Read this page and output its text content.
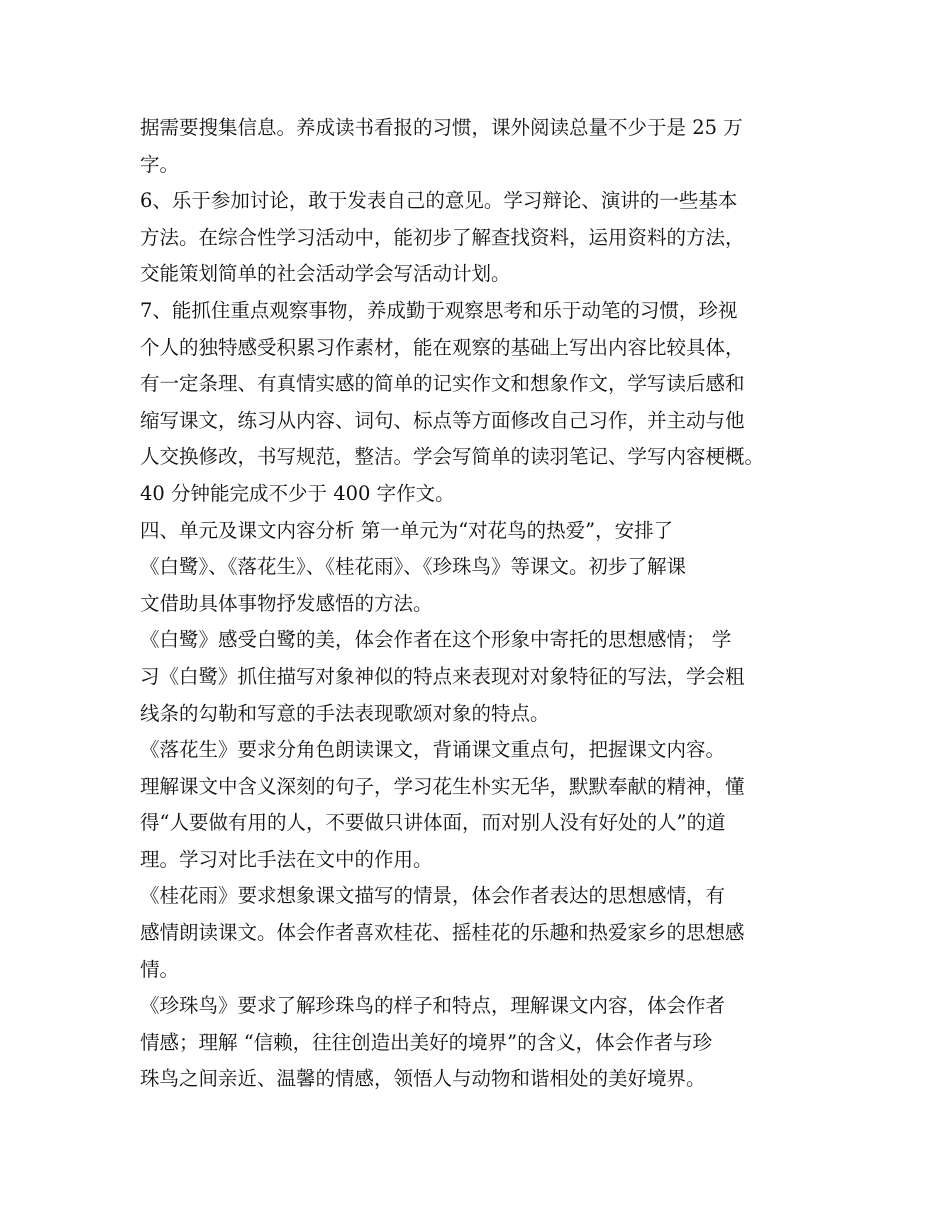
据需要搜集信息。养成读书看报的习惯，课外阅读总量不少于是 25 万
字。
6、乐于参加讨论，敢于发表自己的意见。学习辩论、演讲的一些基本
方法。在综合性学习活动中，能初步了解查找资料，运用资料的方法，
交能策划简单的社会活动学会写活动计划。
7、能抓住重点观察事物，养成勤于观察思考和乐于动笔的习惯，珍视
个人的独特感受积累习作素材，能在观察的基础上写出内容比较具体，
有一定条理、有真情实感的简单的记实作文和想象作文，学写读后感和
缩写课文，练习从内容、词句、标点等方面修改自己习作，并主动与他
人交换修改，书写规范，整洁。学会写简单的读羽笔记、学写内容梗概。
40 分钟能完成不少于 400 字作文。
四、单元及课文内容分析 第一单元为“对花鸟的热爱”，安排了
《白鹭》、《落花生》、《桂花雨》、《珍珠鸟》等课文。初步了解课
文借助具体事物抒发感悟的方法。
《白鹭》感受白鹭的美，体会作者在这个形象中寄托的思想感情； 学
习《白鹭》抓住描写对象神似的特点来表现对对象特征的写法，学会粗
线条的勾勒和写意的手法表现歌颂对象的特点。
《落花生》要求分角色朗读课文，背诵课文重点句，把握课文内容。
理解课文中含义深刻的句子，学习花生朴实无华，默默奉献的精神，懂
得“人要做有用的人，不要做只讲体面，而对别人没有好处的人”的道
理。学习对比手法在文中的作用。
《桂花雨》要求想象课文描写的情景，体会作者表达的思想感情，有
感情朗读课文。体会作者喜欢桂花、摇桂花的乐趣和热爱家乡的思想感
情。
《珍珠鸟》要求了解珍珠鸟的样子和特点，理解课文内容，体会作者
情感；理解 “信赖，往往创造出美好的境界”的含义，体会作者与珍
珠鸟之间亲近、温馨的情感，领悟人与动物和谐相处的美好境界。
